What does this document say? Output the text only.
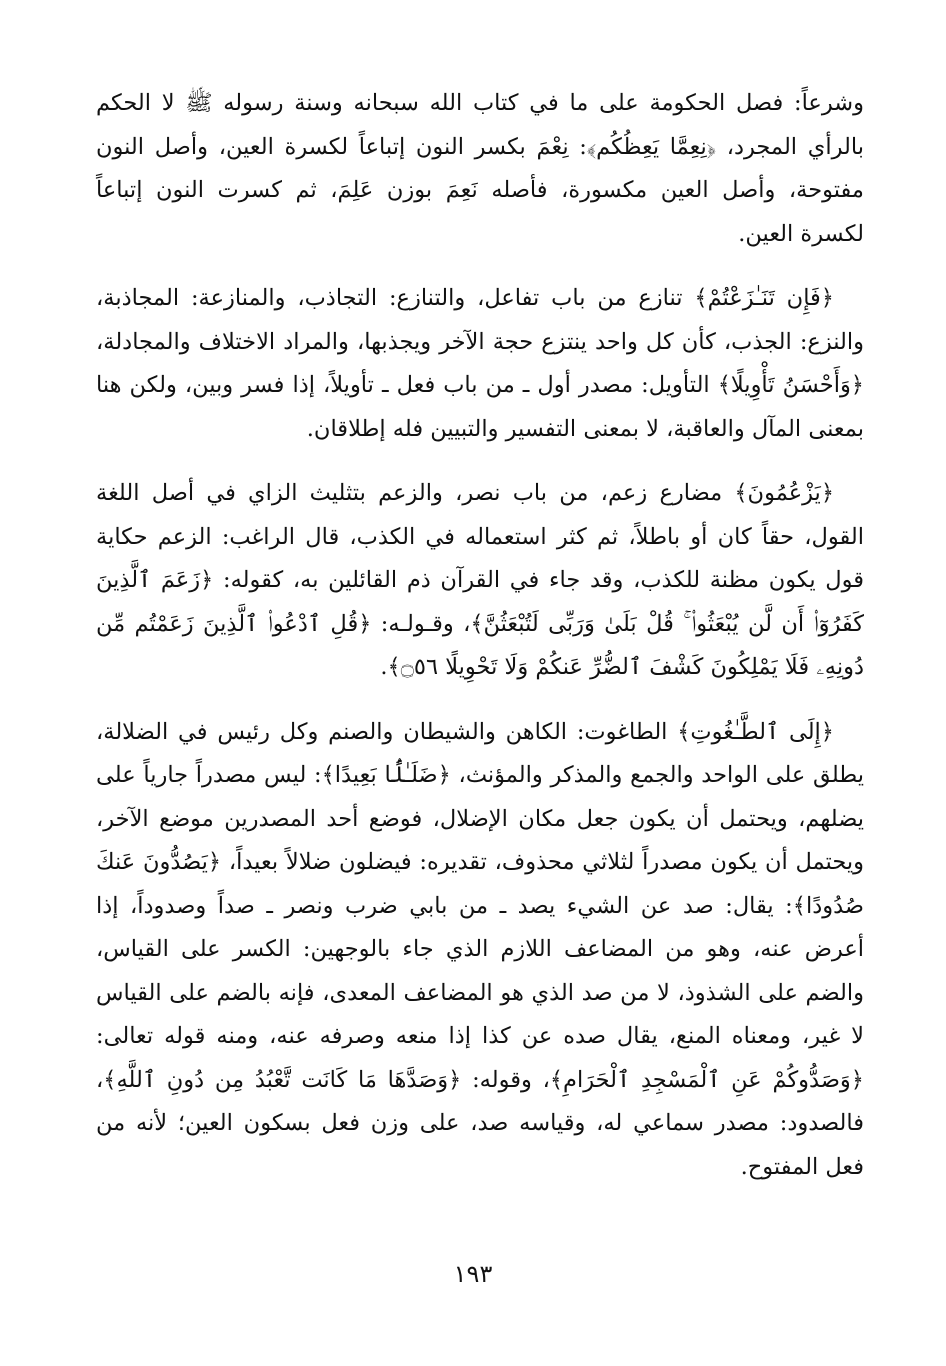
وشرعاً: فصل الحكومة على ما في كتاب الله سبحانه وسنة رسوله ﷺ لا الحكم بالرأي المجرد، ﴿نِعِمَّا يَعِظُكُم﴾: نِعْمَ بكسر النون إتباعاً لكسرة العين، وأصل النون مفتوحة، وأصل العين مكسورة، فأصله نَعِمَ بوزن عَلِمَ، ثم كسرت النون إتباعاً لكسرة العين.

﴿فَإِن تَنَـٰزَعْتُمْ﴾ تنازع من باب تفاعل، والتنازع: التجاذب، والمنازعة: المجاذبة، والنزع: الجذب، كأن كل واحد ينتزع حجة الآخر ويجذبها، والمراد الاختلاف والمجادلة، ﴿وَأَحْسَنُ تَأْوِيلًا﴾ التأويل: مصدر أول ـ من باب فعل ـ تأويلاً، إذا فسر وبين، ولكن هنا بمعنى المآل والعاقبة، لا بمعنى التفسير والتبيين فله إطلاقان.

﴿يَزْعُمُونَ﴾ مضارع زعم، من باب نصر، والزعم بتثليث الزاي في أصل اللغة القول، حقاً كان أو باطلاً، ثم كثر استعماله في الكذب، قال الراغب: الزعم حكاية قول يكون مظنة للكذب، وقد جاء في القرآن ذم القائلين به، كقوله: ﴿زَعَمَ ٱلَّذِينَ كَفَرُوٓا۟ أَن لَّن يُبْعَثُوا۟ ۚ قُلْ بَلَىٰ وَرَبِّى لَتُبْعَثُنَّ﴾، وقـولـه: ﴿قُلِ ٱدْعُوا۟ ٱلَّذِينَ زَعَمْتُم مِّن دُونِهِۦ فَلَا يَمْلِكُونَ كَشْفَ ٱلضُّرِّ عَنكُمْ وَلَا تَحْوِيلًا ۝٥٦﴾.

﴿إِلَى ٱلطَّـٰغُوتِ﴾ الطاغوت: الكاهن والشيطان والصنم وكل رئيس في الضلالة، يطلق على الواحد والجمع والمذكر والمؤنث، ﴿ضَلَـٰلًۢا بَعِيدًا﴾: ليس مصدراً جارياً على يضلهم، ويحتمل أن يكون جعل مكان الإضلال، فوضع أحد المصدرين موضع الآخر، ويحتمل أن يكون مصدراً لثلاثي محذوف، تقديره: فيضلون ضلالاً بعيداً، ﴿يَصُدُّونَ عَنكَ صُدُودًا﴾: يقال: صد عن الشيء يصد ـ من بابي ضرب ونصر ـ صداً وصدوداً، إذا أعرض عنه، وهو من المضاعف اللازم الذي جاء بالوجهين: الكسر على القياس، والضم على الشذوذ، لا من صد الذي هو المضاعف المعدى، فإنه بالضم على القياس لا غير، ومعناه المنع، يقال صده عن كذا إذا منعه وصرفه عنه، ومنه قوله تعالى: ﴿وَصَدُّوكُمْ عَنِ ٱلْمَسْجِدِ ٱلْحَرَامِ﴾، وقوله: ﴿وَصَدَّهَا مَا كَانَت تَّعْبُدُ مِن دُونِ ٱللَّهِ﴾، فالصدود: مصدر سماعي له، وقياسه صد، على وزن فعل بسكون العين؛ لأنه من فعل المفتوح.

١٩٣
